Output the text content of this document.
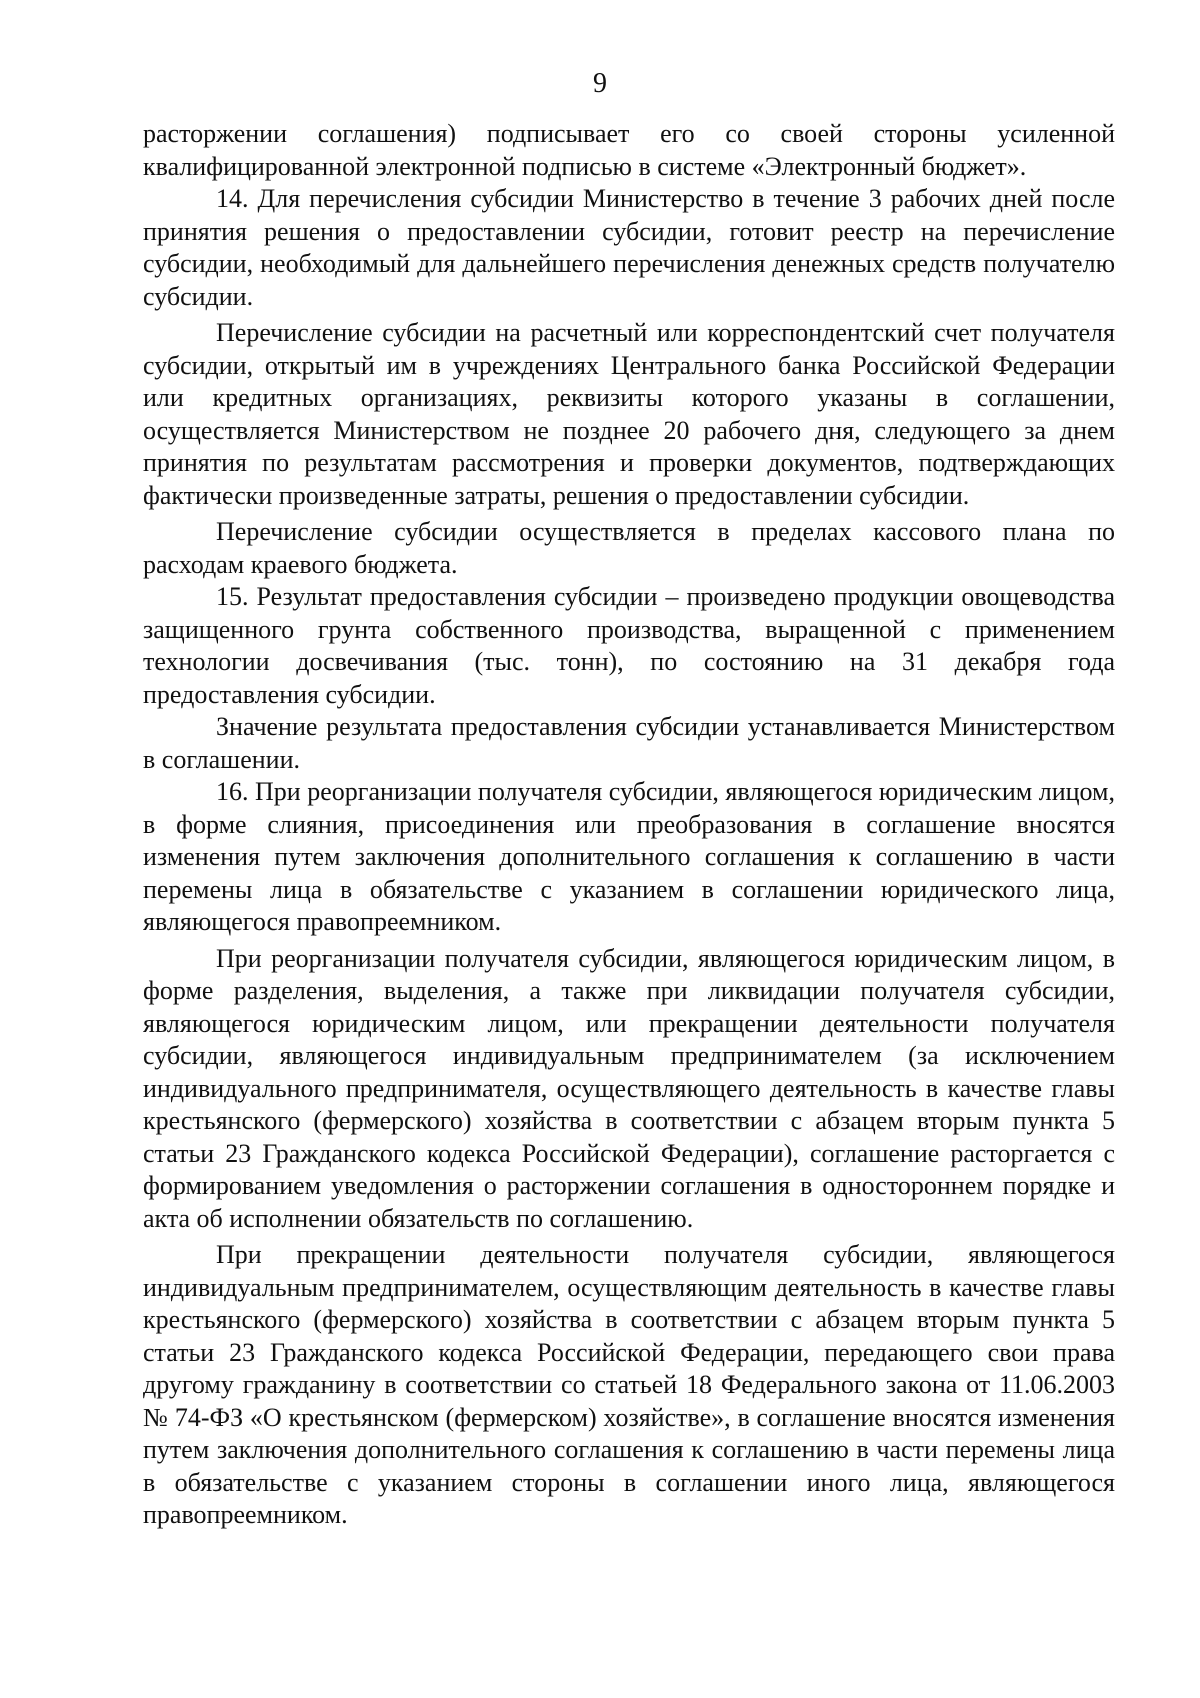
9

расторжении соглашения) подписывает его со своей стороны усиленной квалифицированной электронной подписью в системе «Электронный бюджет».

14. Для перечисления субсидии Министерство в течение 3 рабочих дней после принятия решения о предоставлении субсидии, готовит реестр на перечисление субсидии, необходимый для дальнейшего перечисления денежных средств получателю субсидии.

Перечисление субсидии на расчетный или корреспондентский счет получателя субсидии, открытый им в учреждениях Центрального банка Российской Федерации или кредитных организациях, реквизиты которого указаны в соглашении, осуществляется Министерством не позднее 20 рабочего дня, следующего за днем принятия по результатам рассмотрения и проверки документов, подтверждающих фактически произведенные затраты, решения о предоставлении субсидии.

Перечисление субсидии осуществляется в пределах кассового плана по расходам краевого бюджета.

15. Результат предоставления субсидии – произведено продукции овощеводства защищенного грунта собственного производства, выращенной с применением технологии досвечивания (тыс. тонн), по состоянию на 31 декабря года предоставления субсидии.

Значение результата предоставления субсидии устанавливается Министерством в соглашении.

16. При реорганизации получателя субсидии, являющегося юридическим лицом, в форме слияния, присоединения или преобразования в соглашение вносятся изменения путем заключения дополнительного соглашения к соглашению в части перемены лица в обязательстве с указанием в соглашении юридического лица, являющегося правопреемником.

При реорганизации получателя субсидии, являющегося юридическим лицом, в форме разделения, выделения, а также при ликвидации получателя субсидии, являющегося юридическим лицом, или прекращении деятельности получателя субсидии, являющегося индивидуальным предпринимателем (за исключением индивидуального предпринимателя, осуществляющего деятельность в качестве главы крестьянского (фермерского) хозяйства в соответствии с абзацем вторым пункта 5 статьи 23 Гражданского кодекса Российской Федерации), соглашение расторгается с формированием уведомления о расторжении соглашения в одностороннем порядке и акта об исполнении обязательств по соглашению.

При прекращении деятельности получателя субсидии, являющегося индивидуальным предпринимателем, осуществляющим деятельность в качестве главы крестьянского (фермерского) хозяйства в соответствии с абзацем вторым пункта 5 статьи 23 Гражданского кодекса Российской Федерации, передающего свои права другому гражданину в соответствии со статьей 18 Федерального закона от 11.06.2003 № 74-ФЗ «О крестьянском (фермерском) хозяйстве», в соглашение вносятся изменения путем заключения дополнительного соглашения к соглашению в части перемены лица в обязательстве с указанием стороны в соглашении иного лица, являющегося правопреемником.
